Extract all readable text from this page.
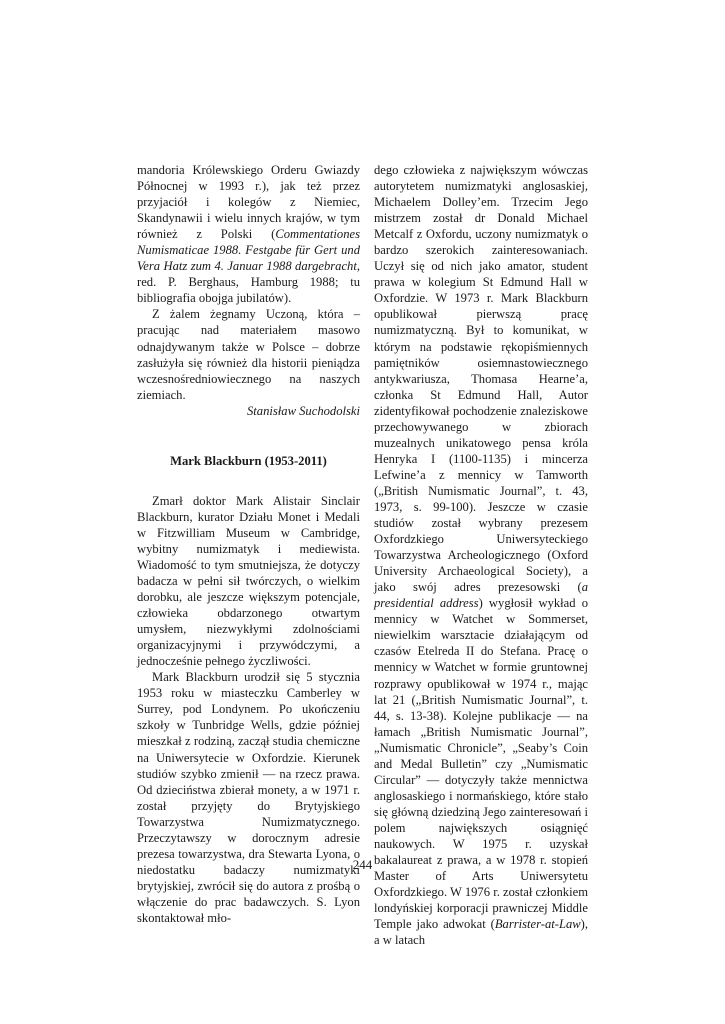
mandoria Królewskiego Orderu Gwiazdy Północnej w 1993 r.), jak też przez przyjaciół i kolegów z Niemiec, Skandynawii i wielu innych krajów, w tym również z Polski (Commentationes Numismaticae 1988. Festgabe für Gert und Vera Hatz zum 4. Januar 1988 dargebracht, red. P. Berghaus, Hamburg 1988; tu bibliografia obojga jubilatów).

Z żalem żegnamy Uczoną, która – pracując nad materiałem masowo odnajdywanym także w Polsce – dobrze zasłużyła się również dla historii pieniądza wczesnośredniowiecznego na naszych ziemiach.

Stanisław Suchodolski

Mark Blackburn (1953-2011)

Zmarł doktor Mark Alistair Sinclair Blackburn, kurator Działu Monet i Medali w Fitzwilliam Museum w Cambridge, wybitny numizmatyk i mediewista. Wiadomość to tym smutniejsza, że dotyczy badacza w pełni sił twórczych, o wielkim dorobku, ale jeszcze większym potencjale, człowieka obdarzonego otwartym umysłem, niezwykłymi zdolnościami organizacyjnymi i przywódczymi, a jednocześnie pełnego życzliwości.

Mark Blackburn urodził się 5 stycznia 1953 roku w miasteczku Camberley w Surrey, pod Londynem. Po ukończeniu szkoły w Tunbridge Wells, gdzie później mieszkał z rodziną, zaczął studia chemiczne na Uniwersytecie w Oxfordzie. Kierunek studiów szybko zmienił — na rzecz prawa. Od dzieciństwa zbierał monety, a w 1971 r. został przyjęty do Brytyjskiego Towarzystwa Numizmatycznego. Przeczytawszy w dorocznym adresie prezesa towarzystwa, dra Stewarta Lyona, o niedostatku badaczy numizmatyki brytyjskiej, zwrócił się do autora z prośbą o włączenie do prac badawczych. S. Lyon skontaktował mło-

dego człowieka z największym wówczas autorytetem numizmatyki anglosaskiej, Michaelem Dolley’em. Trzecim Jego mistrzem został dr Donald Michael Metcalf z Oxfordu, uczony numizmatyk o bardzo szerokich zainteresowaniach. Uczył się od nich jako amator, student prawa w kolegium St Edmund Hall w Oxfordzie. W 1973 r. Mark Blackburn opublikował pierwszą pracę numizmatyczną. Był to komunikat, w którym na podstawie rękopiśmiennych pamiętników osiemnastowiecznego antykwariusza, Thomasa Hearne’a, członka St Edmund Hall, Autor zidentyfikował pochodzenie znaleziskowe przechowywanego w zbiorach muzealnych unikatowego pensa króla Henryka I (1100-1135) i mincerza Lefwine’a z mennicy w Tamworth („British Numismatic Journal”, t. 43, 1973, s. 99-100). Jeszcze w czasie studiów został wybrany prezesem Oxfordzkiego Uniwersyteckiego Towarzystwa Archeologicznego (Oxford University Archaeological Society), a jako swój adres prezesowski (a presidential address) wygłosił wykład o mennicy w Watchet w Sommerset, niewielkim warsztacie działającym od czasów Etelreda II do Stefana. Pracę o mennicy w Watchet w formie gruntownej rozprawy opublikował w 1974 r., mając lat 21 („British Numismatic Journal”, t. 44, s. 13-38). Kolejne publikacje — na łamach „British Numismatic Journal”, „Numismatic Chronicle”, „Seaby’s Coin and Medal Bulletin” czy „Numismatic Circular” — dotyczyły także mennictwa anglosaskiego i normańskiego, które stało się główną dziedziną Jego zainteresowań i polem największych osiągnięć naukowych. W 1975 r. uzyskał bakalaureat z prawa, a w 1978 r. stopień Master of Arts Uniwersytetu Oxfordzkiego. W 1976 r. został członkiem londyńskiej korporacji prawniczej Middle Temple jako adwokat (Barrister-at-Law), a w latach

244
